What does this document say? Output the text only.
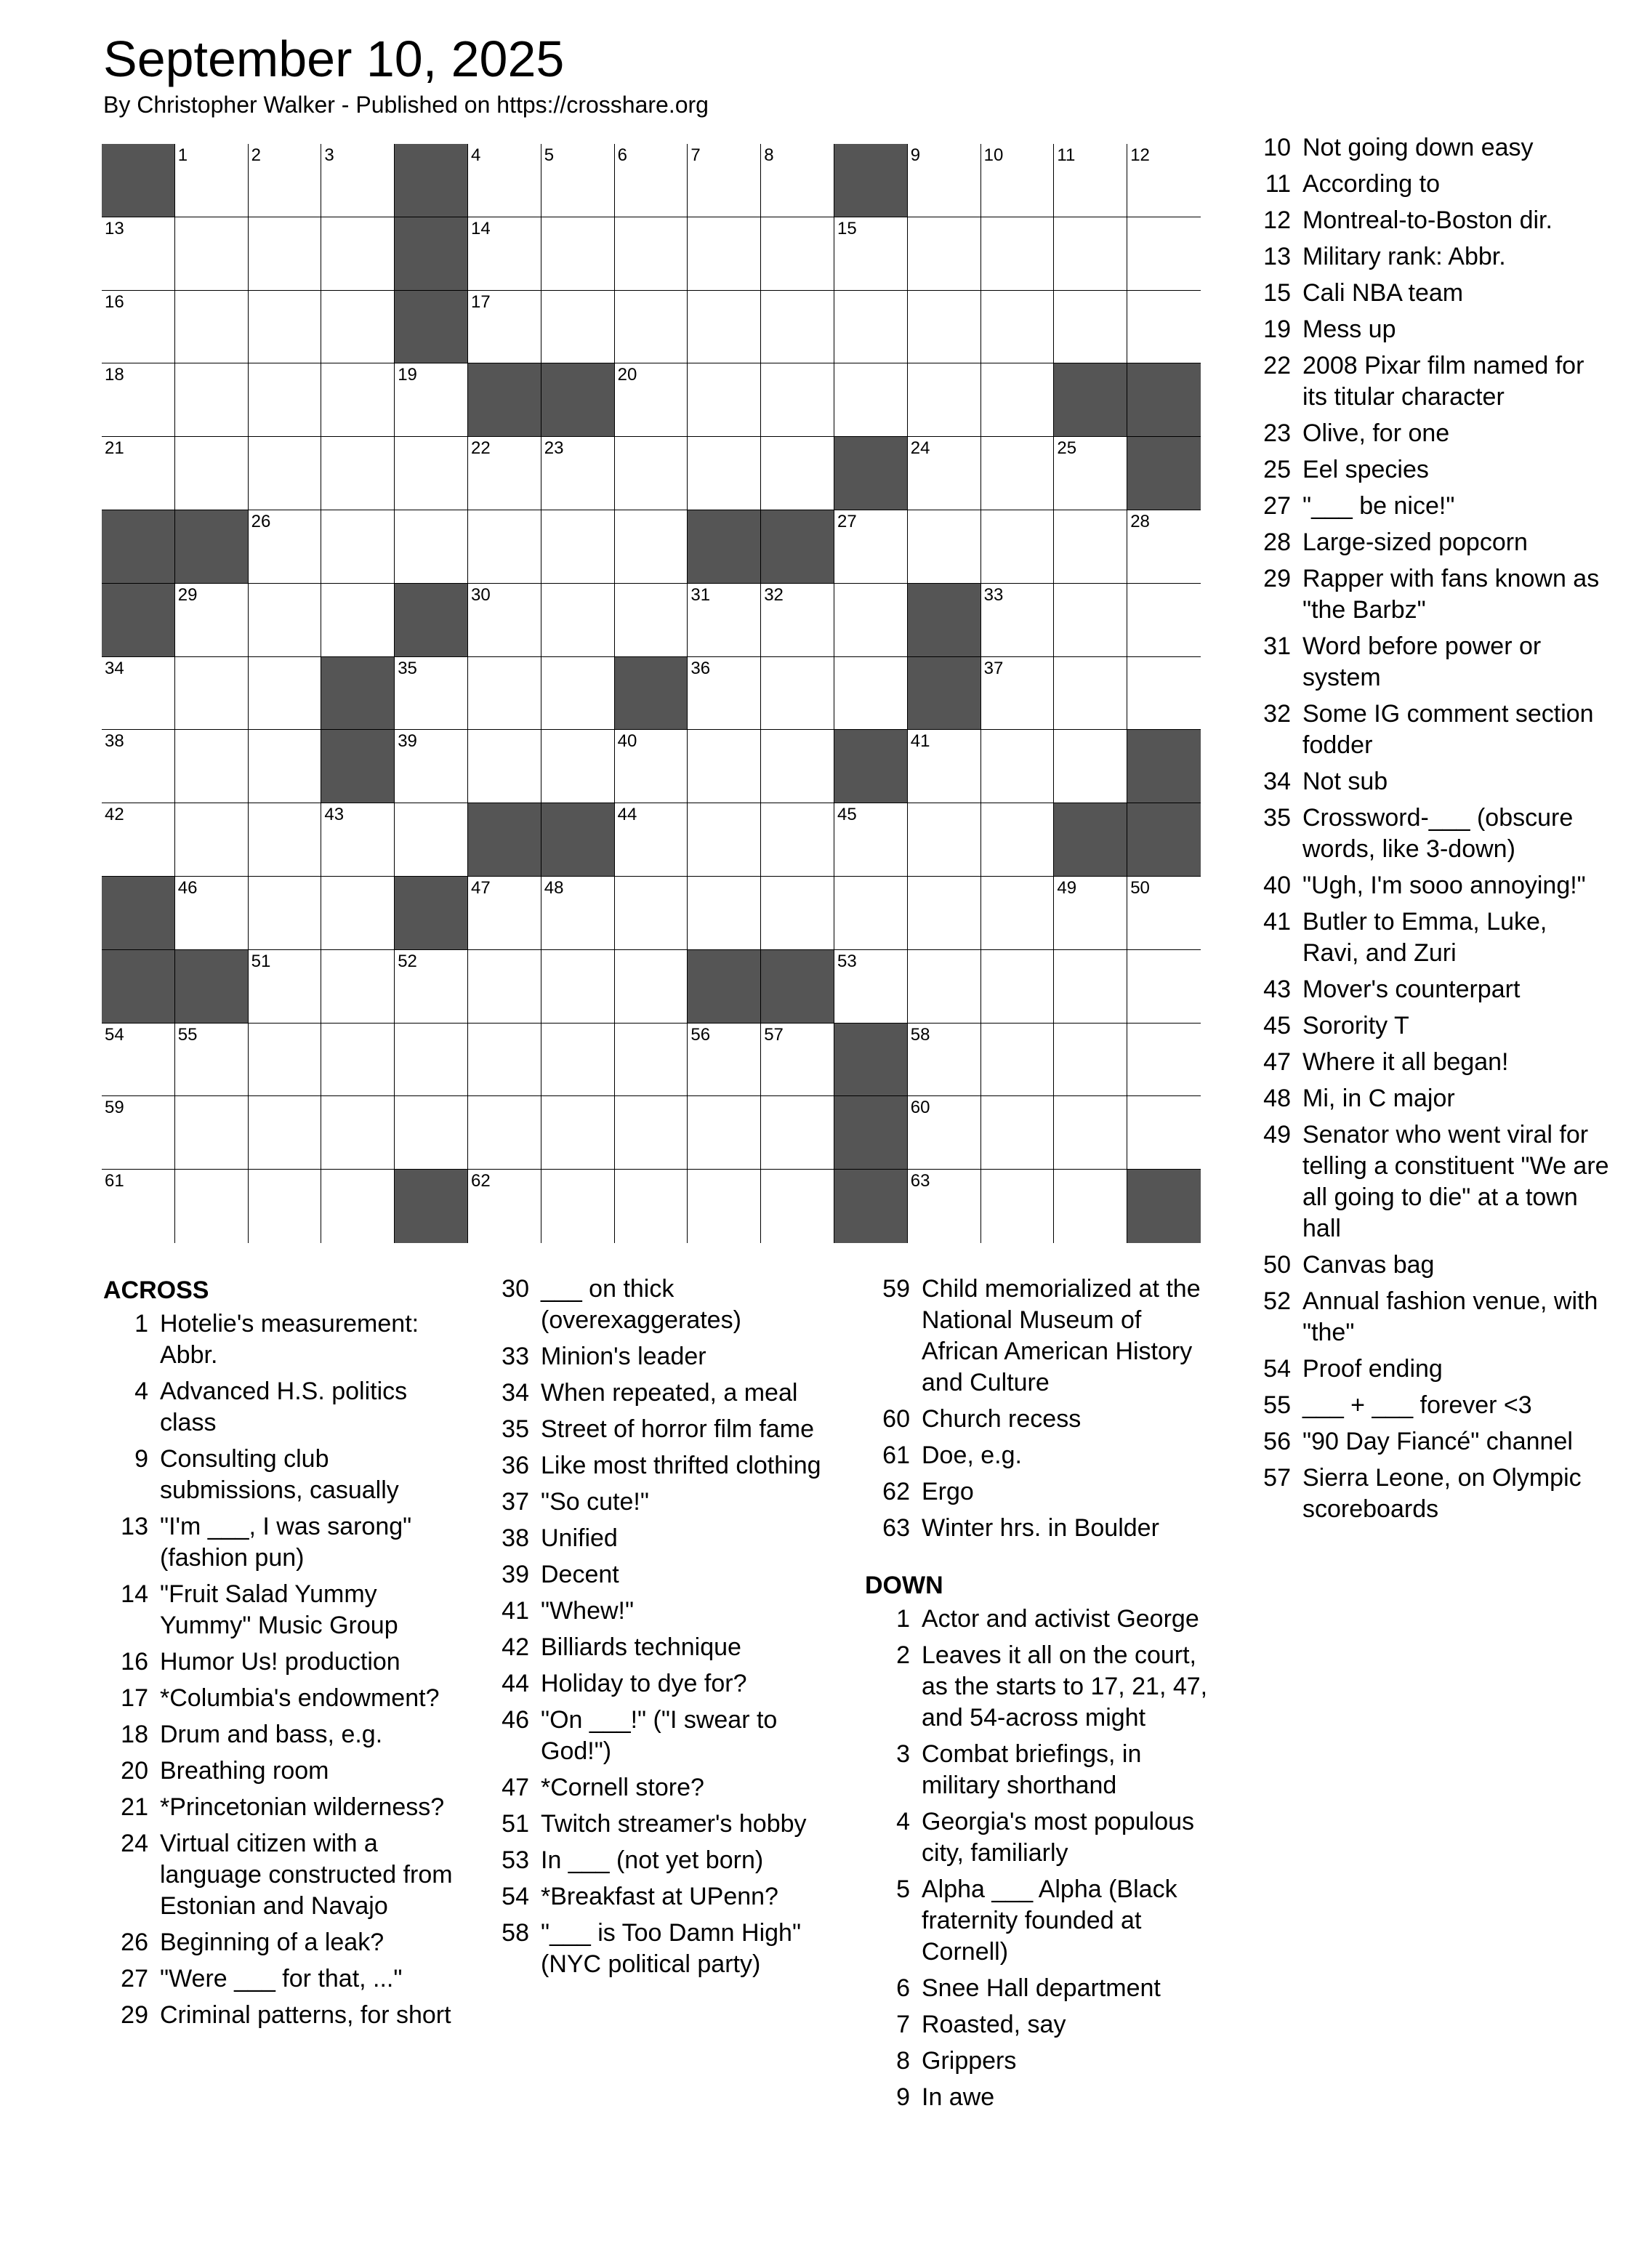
September 10, 2025
By Christopher Walker - Published on https://crosshare.org
1	2	3	4	5	6	7	8	9	10	11	12
13	14	15
16	17
18	19	20
21	22	23	24	25
26	27	28
29	30	31	32	33
34	35	36	37
38	39	40	41
42	43	44	45
46	47	48	49	50
51	52	53
54	55	56	57	58
59	60
61	62	63
ACROSS
1 Hotelie's measurement: Abbr.
4 Advanced H.S. politics class
9 Consulting club submissions, casually
13 "I'm ___, I was sarong" (fashion pun)
14 "Fruit Salad Yummy Yummy" Music Group
16 Humor Us! production
17 *Columbia's endowment?
18 Drum and bass, e.g.
20 Breathing room
21 *Princetonian wilderness?
24 Virtual citizen with a language constructed from Estonian and Navajo
26 Beginning of a leak?
27 "Were ___ for that, ..."
29 Criminal patterns, for short
30 ___ on thick (overexaggerates)
33 Minion's leader
34 When repeated, a meal
35 Street of horror film fame
36 Like most thrifted clothing
37 "So cute!"
38 Unified
39 Decent
41 "Whew!"
42 Billiards technique
44 Holiday to dye for?
46 "On ___!" ("I swear to God!")
47 *Cornell store?
51 Twitch streamer's hobby
53 In ___ (not yet born)
54 *Breakfast at UPenn?
58 "___ is Too Damn High" (NYC political party)
59 Child memorialized at the National Museum of African American History and Culture
60 Church recess
61 Doe, e.g.
62 Ergo
63 Winter hrs. in Boulder
DOWN
1 Actor and activist George
2 Leaves it all on the court, as the starts to 17, 21, 47, and 54-across might
3 Combat briefings, in military shorthand
4 Georgia's most populous city, familiarly
5 Alpha ___ Alpha (Black fraternity founded at Cornell)
6 Snee Hall department
7 Roasted, say
8 Grippers
9 In awe
10 Not going down easy
11 According to
12 Montreal-to-Boston dir.
13 Military rank: Abbr.
15 Cali NBA team
19 Mess up
22 2008 Pixar film named for its titular character
23 Olive, for one
25 Eel species
27 "___ be nice!"
28 Large-sized popcorn
29 Rapper with fans known as "the Barbz"
31 Word before power or system
32 Some IG comment section fodder
34 Not sub
35 Crossword-___ (obscure words, like 3-down)
40 "Ugh, I'm sooo annoying!"
41 Butler to Emma, Luke, Ravi, and Zuri
43 Mover's counterpart
45 Sorority T
47 Where it all began!
48 Mi, in C major
49 Senator who went viral for telling a constituent "We are all going to die" at a town hall
50 Canvas bag
52 Annual fashion venue, with "the"
54 Proof ending
55 ___ + ___ forever <3
56 "90 Day Fiancé" channel
57 Sierra Leone, on Olympic scoreboards
